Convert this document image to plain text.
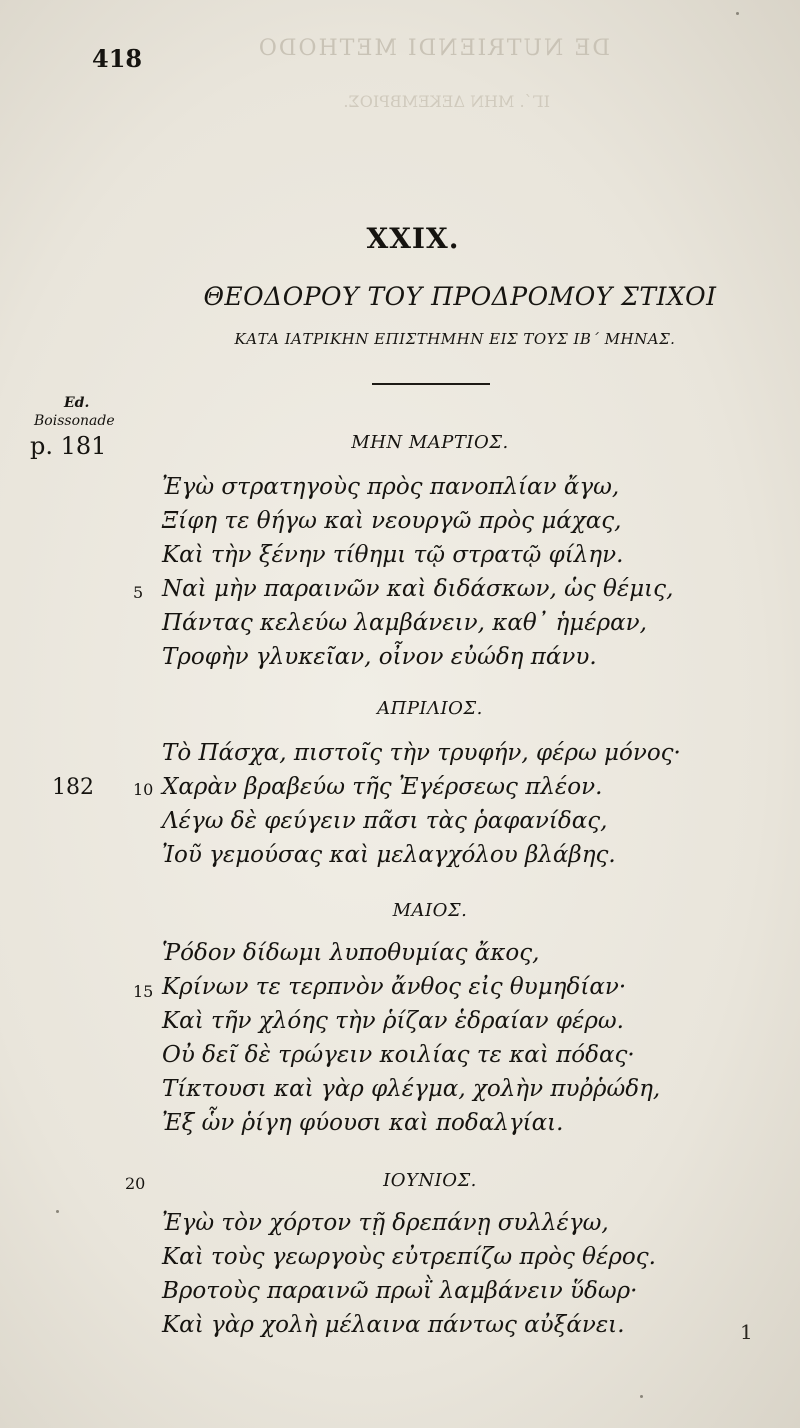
DE NUTRIENDI METHODO
ΙΓ΄. ΜΗΝ ΔΕΚΕΜΒΡΙΟΣ.
418
XXIX.
ΘΕΟΔΟΡΟΥ ΤΟΥ ΠΡΟΔΡΟΜΟΥ ΣΤΙΧΟΙ
ΚΑΤΑ ΙΑΤΡΙΚΗΝ ΕΠΙΣΤΗΜΗΝ ΕΙΣ ΤΟΥΣ ΙΒ΄ ΜΗΝΑΣ.
Ed.
Boissonade
p. 181
182
ΜΗΝ ΜΑΡΤΙΟΣ.
Ἐγὼ στρατηγοὺς πρὸς πανοπλίαν ἄγω,
Ξίφη τε θήγω καὶ νεουργῶ πρὸς μάχας,
Καὶ τὴν ξένην τίθημι τῷ στρατῷ φίλην.
5 Ναὶ μὴν παραινῶν καὶ διδάσκων, ὡς θέμις,
Πάντας κελεύω λαμβάνειν, καθ᾽ ἡμέραν,
Τροφὴν γλυκεῖαν, οἶνον εὐώδη πάνυ.
ΑΠΡΙΛΙΟΣ.
Τὸ Πάσχα, πιστοῖς τὴν τρυφήν, φέρω μόνος·
10 Χαρὰν βραβεύω τῆς Ἐγέρσεως πλέον.
Λέγω δὲ φεύγειν πᾶσι τὰς ῥαφανίδας,
Ἰοῦ γεμούσας καὶ μελαγχόλου βλάβης.
ΜΑΙΟΣ.
Ῥόδον δίδωμι λυποθυμίας ἄκος,
15 Κρίνων τε τερπνὸν ἄνθος εἰς θυμηδίαν·
Καὶ τῆν χλόης τὴν ῥίζαν ἑδραίαν φέρω.
Οὐ δεῖ δὲ τρώγειν κοιλίας τε καὶ πόδας·
Τίκτουσι καὶ γὰρ φλέγμα, χολὴν πυῤῥώδη,
Ἐξ ὧν ῥίγη φύουσι καὶ ποδαλγίαι.
20	ΙΟΥΝΙΟΣ.
Ἐγὼ τὸν χόρτον τῇ δρεπάνῃ συλλέγω,
Καὶ τοὺς γεωργοὺς εὐτρεπίζω πρὸς θέρος.
Βροτοὺς παραινῶ πρωῒ λαμβάνειν ὕδωρ·
Καὶ γὰρ χολὴ μέλαινα πάντως αὐξάνει.	1
